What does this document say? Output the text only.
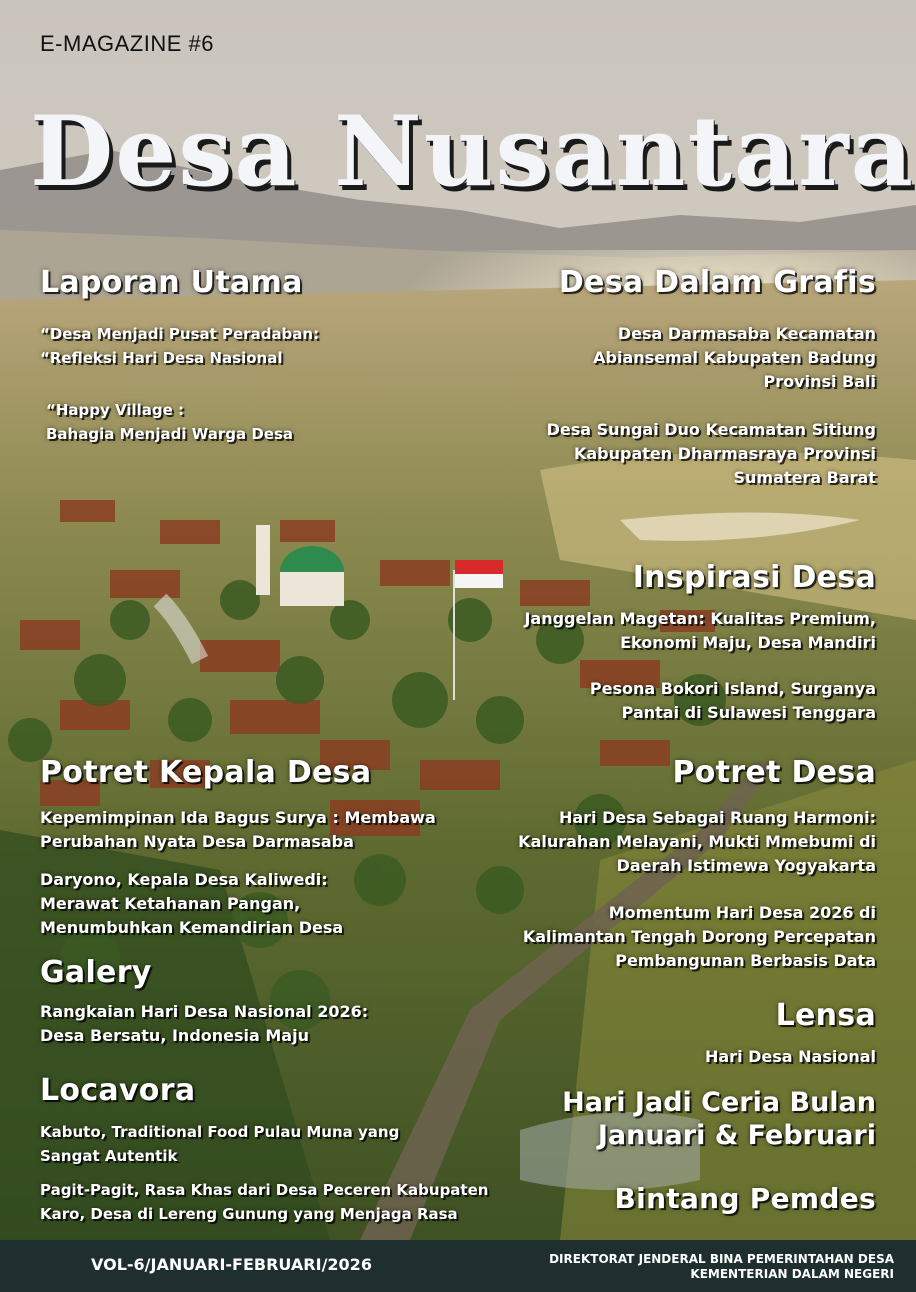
E-MAGAZINE #6

Desa Nusantara
Laporan Utama

“Desa Menjadi Pusat Peradaban:
“Refleksi Hari Desa Nasional

“Happy Village :
Bahagia Menjadi Warga Desa

Potret Kepala Desa

Kepemimpinan Ida Bagus Surya : Membawa
Perubahan Nyata Desa Darmasaba

Daryono, Kepala Desa Kaliwedi:
Merawat Ketahanan Pangan,
Menumbuhkan Kemandirian Desa

Galery

Rangkaian Hari Desa Nasional 2026:
Desa Bersatu, Indonesia Maju

Locavora

Kabuto, Traditional Food Pulau Muna yang
Sangat Autentik

Pagit-Pagit, Rasa Khas dari Desa Peceren Kabupaten
Karo, Desa di Lereng Gunung yang Menjaga Rasa

Desa Dalam Grafis

Desa Darmasaba Kecamatan
Abiansemal Kabupaten Badung
Provinsi Bali

Desa Sungai Duo Kecamatan Sitiung
Kabupaten Dharmasraya Provinsi
Sumatera Barat

Inspirasi Desa

Janggelan Magetan: Kualitas Premium,
Ekonomi Maju, Desa Mandiri

Pesona Bokori Island, Surganya
Pantai di Sulawesi Tenggara

Potret Desa

Hari Desa Sebagai Ruang Harmoni:
Kalurahan Melayani, Mukti Mmebumi di
Daerah Istimewa Yogyakarta

Momentum Hari Desa 2026 di
Kalimantan Tengah Dorong Percepatan
Pembangunan Berbasis Data

Lensa

Hari Desa Nasional

Hari Jadi Ceria Bulan

Januari & Februari

Bintang Pemdes

VOL-6/JANUARI-FEBRUARI/2026	DIREKTORAT JENDERAL BINA PEMERINTAHAN DESA

KEMENTERIAN DALAM NEGERI
